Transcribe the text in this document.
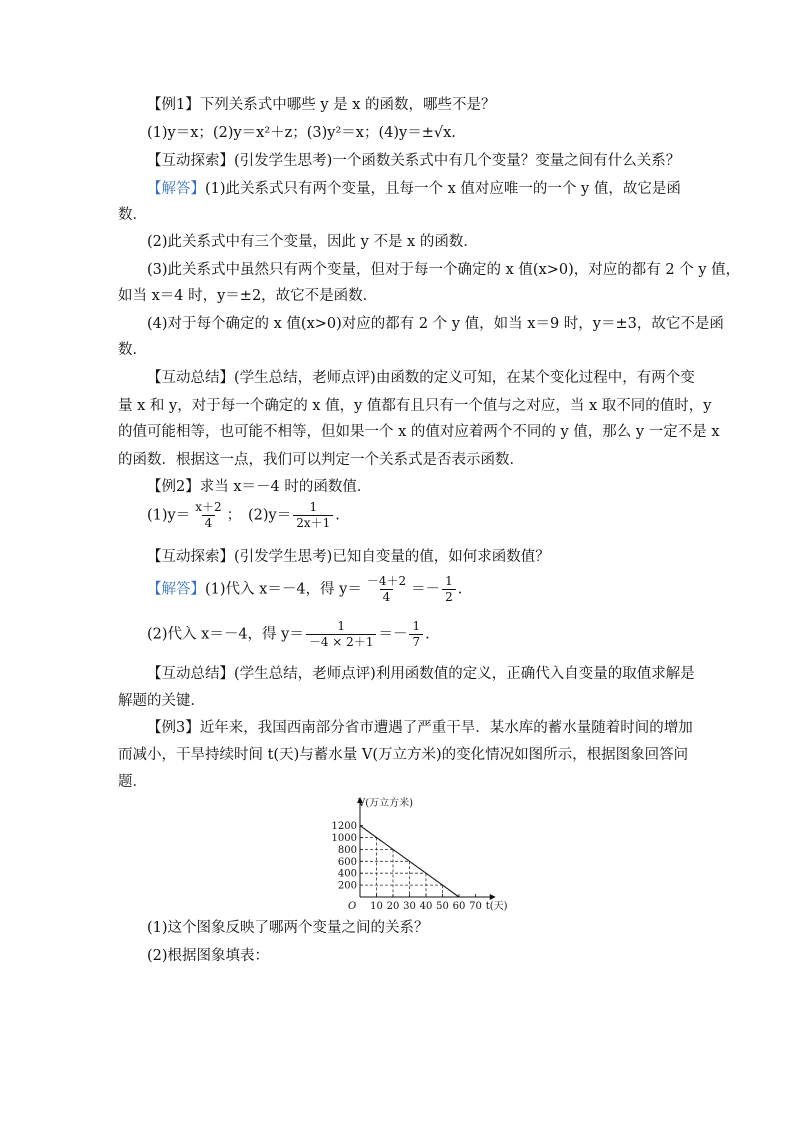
【例1】下列关系式中哪些 y 是 x 的函数，哪些不是？
(1)y＝x；(2)y＝x²＋z；(3)y²＝x；(4)y＝±√x.
【互动探索】(引发学生思考)一个函数关系式中有几个变量？变量之间有什么关系？
【解答】(1)此关系式只有两个变量，且每一个 x 值对应唯一的一个 y 值，故它是函
数．
(2)此关系式中有三个变量，因此 y 不是 x 的函数．
(3)此关系式中虽然只有两个变量，但对于每一个确定的 x 值(x>0)，对应的都有 2 个 y 值，
如当 x＝4 时，y＝±2，故它不是函数．
(4)对于每个确定的 x 值(x>0)对应的都有 2 个 y 值，如当 x＝9 时，y＝±3，故它不是函
数．
【互动总结】(学生总结，老师点评)由函数的定义可知，在某个变化过程中，有两个变
量 x 和 y，对于每一个确定的 x 值，y 值都有且只有一个值与之对应，当 x 取不同的值时，y
的值可能相等，也可能不相等，但如果一个 x 的值对应着两个不同的 y 值，那么 y 一定不是 x
的函数．根据这一点，我们可以判定一个关系式是否表示函数．
【例2】求当 x＝－4 时的函数值．
$(1)y= \frac{x+2}{4}$ ； $(2)y= \frac{1}{2x+1}$ .
【互动探索】(引发学生思考)已知自变量的值，如何求函数值？
【解答】(1)代入 x＝－4，得 $y= \frac{-4+2}{4} =- \frac{1}{2}$ .
(2)代入 x＝－4，得 $y= \frac{1}{-4 \times 2+1} =- \frac{1}{7}$ .
【互动总结】(学生总结，老师点评)利用函数值的定义，正确代入自变量的取值求解是
解题的关键．
【例3】近年来，我国西南部分省市遭遇了严重干旱．某水库的蓄水量随着时间的增加
而减小，干旱持续时间 t(天)与蓄水量 V(万立方米)的变化情况如图所示，根据图象回答问
题．
200
400
600
800
1000
1200
10 20 30 40 50 60 70
O
V(万立方米)
t(天)
(1)这个图象反映了哪两个变量之间的关系？
(2)根据图象填表：
